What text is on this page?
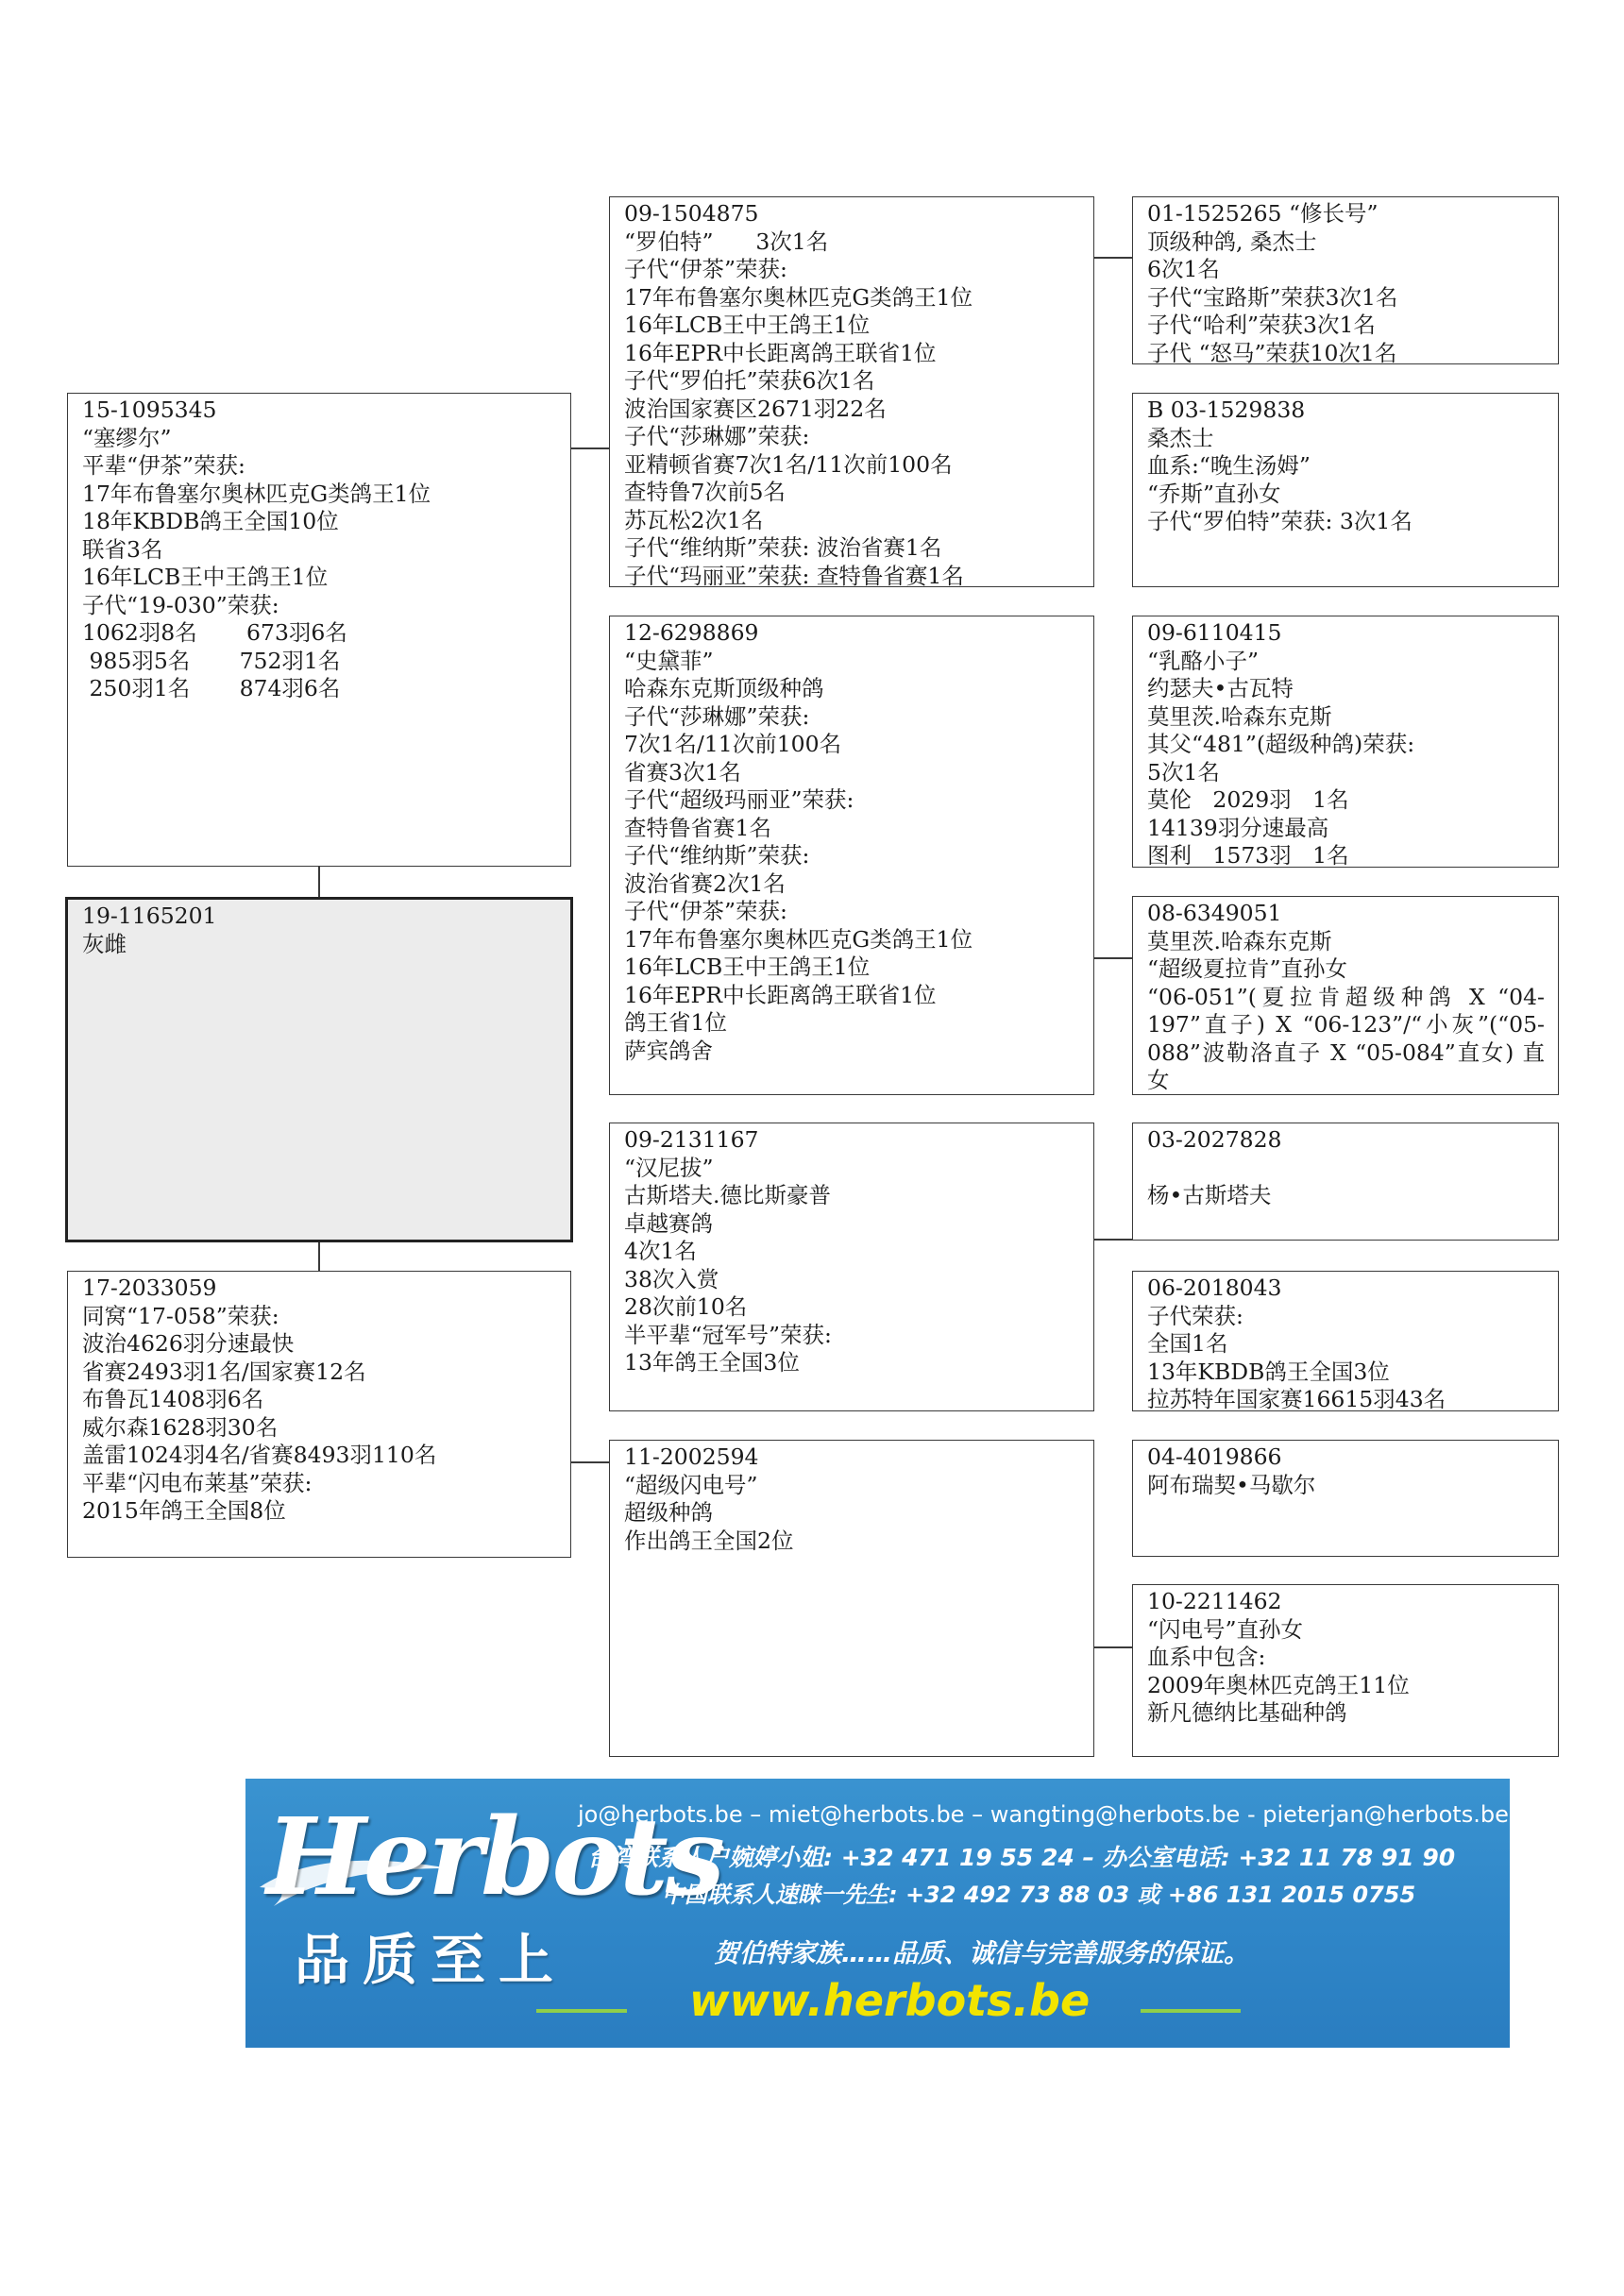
15-1095345
“塞缪尔”
平辈“伊茶”荣获:
17年布鲁塞尔奥林匹克G类鸽王1位
18年KBDB鸽王全国10位
联省3名
16年LCB王中王鸽王1位
子代“19-030”荣获:
1062羽8名       673羽6名
985羽5名       752羽1名
250羽1名       874羽6名
19-1165201
灰雌
17-2033059
同窝“17-058”荣获:
波治4626羽分速最快
省赛2493羽1名/国家赛12名
布鲁瓦1408羽6名
威尔森1628羽30名
盖雷1024羽4名/省赛8493羽110名
平辈“闪电布莱基”荣获:
2015年鸽王全国8位
09-1504875
“罗伯特”      3次1名
子代“伊茶”荣获:
17年布鲁塞尔奥林匹克G类鸽王1位
16年LCB王中王鸽王1位
16年EPR中长距离鸽王联省1位
子代“罗伯托”荣获6次1名
波治国家赛区2671羽22名
子代“莎琳娜”荣获:
亚精顿省赛7次1名/11次前100名
查特鲁7次前5名
苏瓦松2次1名
子代“维纳斯”荣获: 波治省赛1名
子代“玛丽亚”荣获: 查特鲁省赛1名
12-6298869
“史黛菲”
哈森东克斯顶级种鸽
子代“莎琳娜”荣获:
7次1名/11次前100名
省赛3次1名
子代“超级玛丽亚”荣获:
查特鲁省赛1名
子代“维纳斯”荣获:
波治省赛2次1名
子代“伊茶”荣获:
17年布鲁塞尔奥林匹克G类鸽王1位
16年LCB王中王鸽王1位
16年EPR中长距离鸽王联省1位
鸽王省1位
萨宾鸽舍
09-2131167
“汉尼拔”
古斯塔夫.德比斯豪普
卓越赛鸽
4次1名
38次入赏
28次前10名
半平辈“冠军号”荣获:
13年鸽王全国3位
11-2002594
“超级闪电号”
超级种鸽
作出鸽王全国2位
01-1525265 “修长号”
顶级种鸽, 桑杰士
6次1名
子代“宝路斯”荣获3次1名
子代“哈利”荣获3次1名
子代 “怒马”荣获10次1名
B 03-1529838
桑杰士
血系:“晚生汤姆”
“乔斯”直孙女
子代“罗伯特”荣获: 3次1名
09-6110415
“乳酪小子”
约瑟夫•古瓦特
莫里茨.哈森东克斯
其父“481”(超级种鸽)荣获:
5次1名
莫伦   2029羽   1名
14139羽分速最高
图利   1573羽   1名
08-6349051
莫里茨.哈森东克斯
“超级夏拉肯”直孙女
“06-051”(夏拉肯超级种鸽 X “04-197”直子) X “06-123”/“小灰”(“05-088”波勒洛直子 X “05-084”直女) 直女
03-2027828

杨•古斯塔夫
06-2018043
子代荣获:
全国1名
13年KBDB鸽王全国3位
拉苏特年国家赛16615羽43名
04-4019866
阿布瑞契•马歇尔
10-2211462
“闪电号”直孙女
血系中包含:
2009年奥林匹克鸽王11位
新凡德纳比基础种鸽
Herbots
品质至上
jo@herbots.be – miet@herbots.be – wangting@herbots.be - pieterjan@herbots.be
台湾联系人户婉婷小姐: +32 471 19 55 24 – 办公室电话: +32 11 78 91 90
中国联系人速睐一先生: +32 492 73 88 03 或 +86 131 2015 0755
贺伯特家族……品质、诚信与完善服务的保证。
www.herbots.be
